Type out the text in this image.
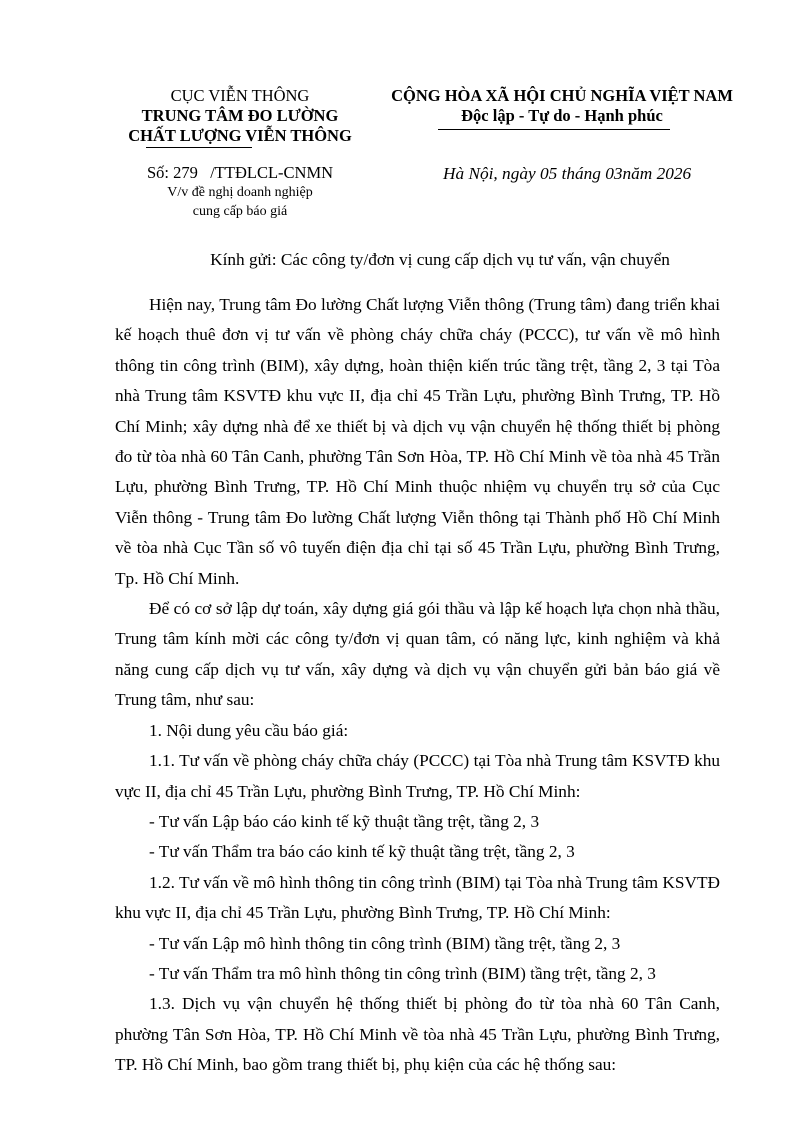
CỤC VIỄN THÔNG
TRUNG TÂM ĐO LƯỜNG
CHẤT LƯỢNG VIỄN THÔNG
Số: 279   /TTĐLCL-CNMN
V/v đề nghị doanh nghiệp
cung cấp báo giá
CỘNG HÒA XÃ HỘI CHỦ NGHĨA VIỆT NAM
Độc lập - Tự do - Hạnh phúc
Hà Nội, ngày 05 tháng 03năm 2026
Kính gửi: Các công ty/đơn vị cung cấp dịch vụ tư vấn, vận chuyển

Hiện nay, Trung tâm Đo lường Chất lượng Viễn thông (Trung tâm) đang triển khai kế hoạch thuê đơn vị tư vấn về phòng cháy chữa cháy (PCCC), tư vấn về mô hình thông tin công trình (BIM), xây dựng, hoàn thiện kiến trúc tầng trệt, tầng 2, 3 tại Tòa nhà Trung tâm KSVTĐ khu vực II, địa chỉ 45 Trần Lựu, phường Bình Trưng, TP. Hồ Chí Minh; xây dựng nhà để xe thiết bị và dịch vụ vận chuyển hệ thống thiết bị phòng đo từ tòa nhà 60 Tân Canh, phường Tân Sơn Hòa, TP. Hồ Chí Minh về tòa nhà 45 Trần Lựu, phường Bình Trưng, TP. Hồ Chí Minh thuộc nhiệm vụ chuyển trụ sở của Cục Viễn thông - Trung tâm Đo lường Chất lượng Viễn thông tại Thành phố Hồ Chí Minh về tòa nhà Cục Tần số vô tuyến điện địa chỉ tại số 45 Trần Lựu, phường Bình Trưng, Tp. Hồ Chí Minh.

Để có cơ sở lập dự toán, xây dựng giá gói thầu và lập kế hoạch lựa chọn nhà thầu, Trung tâm kính mời các công ty/đơn vị quan tâm, có năng lực, kinh nghiệm và khả năng cung cấp dịch vụ tư vấn, xây dựng và dịch vụ vận chuyển gửi bản báo giá về Trung tâm, như sau:

1. Nội dung yêu cầu báo giá:

1.1. Tư vấn về phòng cháy chữa cháy (PCCC) tại Tòa nhà Trung tâm KSVTĐ khu vực II, địa chỉ 45 Trần Lựu, phường Bình Trưng, TP. Hồ Chí Minh:

- Tư vấn Lập báo cáo kinh tế kỹ thuật tầng trệt, tầng 2, 3

- Tư vấn Thẩm tra báo cáo kinh tế kỹ thuật tầng trệt, tầng 2, 3

1.2. Tư vấn về mô hình thông tin công trình (BIM) tại Tòa nhà Trung tâm KSVTĐ khu vực II, địa chỉ 45 Trần Lựu, phường Bình Trưng, TP. Hồ Chí Minh:

- Tư vấn Lập mô hình thông tin công trình (BIM) tầng trệt, tầng 2, 3

- Tư vấn Thẩm tra mô hình thông tin công trình (BIM) tầng trệt, tầng 2, 3

1.3. Dịch vụ vận chuyển hệ thống thiết bị phòng đo từ tòa nhà 60 Tân Canh, phường Tân Sơn Hòa, TP. Hồ Chí Minh về tòa nhà 45 Trần Lựu, phường Bình Trưng, TP. Hồ Chí Minh, bao gồm trang thiết bị, phụ kiện của các hệ thống sau:
